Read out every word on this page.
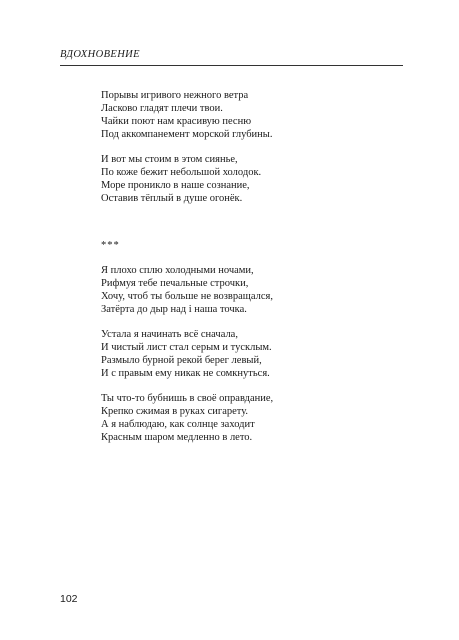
ВДОХНОВЕНИЕ
Порывы игривого нежного ветра
Ласково гладят плечи твои.
Чайки поют нам красивую песню
Под аккомпанемент морской глубины.
И вот мы стоим в этом сиянье,
По коже бежит небольшой холодок.
Море проникло в наше сознание,
Оставив тёплый в душе огонёк.
***
Я плохо сплю холодными ночами,
Рифмуя тебе печальные строчки,
Хочу, чтоб ты больше не возвращался,
Затёрта до дыр над і наша точка.
Устала я начинать всё сначала,
И чистый лист стал серым и тусклым.
Размыло бурной рекой берег левый,
И с правым ему никак не сомкнуться.
Ты что-то бубнишь в своё оправдание,
Крепко сжимая в руках сигарету.
А я наблюдаю, как солнце заходит
Красным шаром медленно в лето.
102
